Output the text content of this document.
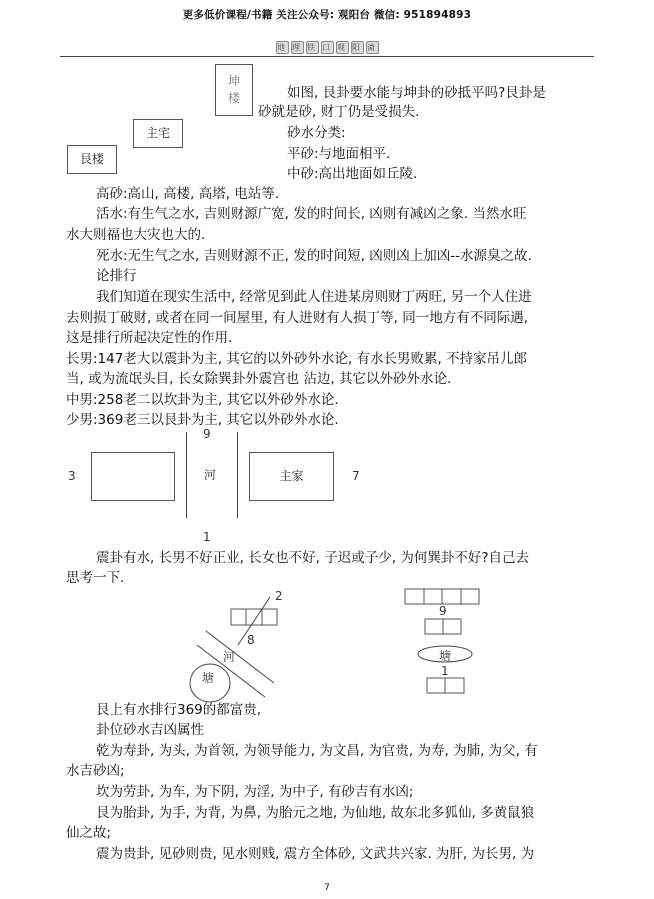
更多低价课程/书籍 关注公众号: 观阳台 微信: 951894893
地 理 铁 口 观 阳 斋
坤
楼
主宅
艮楼
如图, 艮卦要水能与坤卦的砂抵平吗?艮卦是
砂就是砂, 财丁仍是受损失.
砂水分类:
平砂:与地面相平.
中砂:高出地面如丘陵.
高砂:高山, 高楼, 高塔, 电站等.
活水:有生气之水, 吉则财源广宽, 发的时间长, 凶则有减凶之象. 当然水旺
水大则福也大灾也大的.
死水:无生气之水, 吉则财源不正, 发的时间短, 凶则凶上加凶--水源臭之故.
论排行
我们知道在现实生活中, 经常见到此人住进某房则财丁两旺, 另一个人住进
去则损丁破财, 或者在同一间屋里, 有人进财有人损丁等, 同一地方有不同际遇,
这是排行所起决定性的作用.
长男:147老大以震卦为主, 其它的以外砂外水论, 有水长男败累, 不持家吊儿郎
当, 或为流氓头目, 长女除巽卦外震宫也 沾边, 其它以外砂外水论.
中男:258老二以坎卦为主, 其它以外砂外水论.
少男:369老三以艮卦为主, 其它以外砂外水论.
9
3	河	主家	7
1
震卦有水, 长男不好正业, 长女也不好, 子迟或子少, 为何巽卦不好?自己去
思考一下.
2
8
河
塘
9
塘
1
艮上有水排行369的都富贵,
卦位砂水吉凶属性
乾为寿卦, 为头, 为首领, 为领导能力, 为文昌, 为官贵, 为寿, 为肺, 为父, 有
水吉砂凶;
坎为劳卦, 为车, 为下阴, 为淫, 为中子, 有砂吉有水凶;
艮为胎卦, 为手, 为背, 为鼻, 为胎元之地, 为仙地, 故东北多狐仙, 多黄鼠狼
仙之故;
震为贵卦, 见砂则贵, 见水则贱, 震方全体砂, 文武共兴家. 为肝, 为长男, 为
7
